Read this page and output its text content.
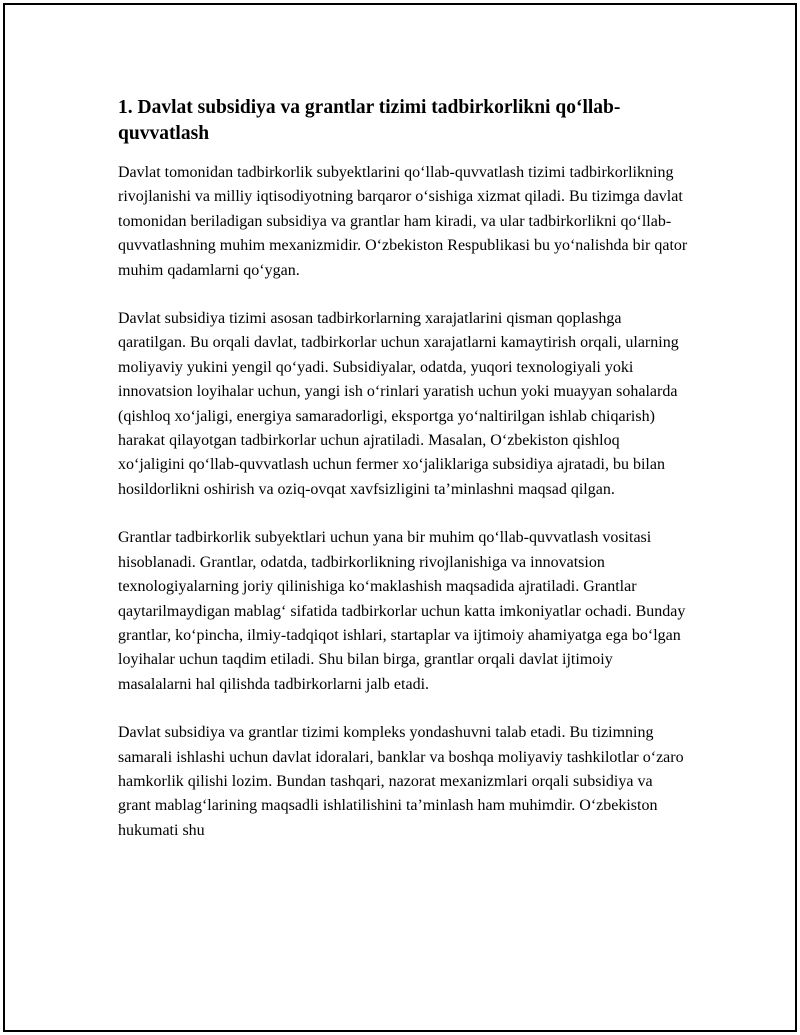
1. Davlat subsidiya va grantlar tizimi tadbirkorlikni qo‘llab-quvvatlash

Davlat tomonidan tadbirkorlik subyektlarini qo‘llab-quvvatlash tizimi tadbirkorlikning rivojlanishi va milliy iqtisodiyotning barqaror o‘sishiga xizmat qiladi. Bu tizimga davlat tomonidan beriladigan subsidiya va grantlar ham kiradi, va ular tadbirkorlikni qo‘llab-quvvatlashning muhim mexanizmidir. O‘zbekiston Respublikasi bu yo‘nalishda bir qator muhim qadamlarni qo‘ygan.

Davlat subsidiya tizimi asosan tadbirkorlarning xarajatlarini qisman qoplashga qaratilgan. Bu orqali davlat, tadbirkorlar uchun xarajatlarni kamaytirish orqali, ularning moliyaviy yukini yengil qo‘yadi. Subsidiyalar, odatda, yuqori texnologiyali yoki innovatsion loyihalar uchun, yangi ish o‘rinlari yaratish uchun yoki muayyan sohalarda (qishloq xo‘jaligi, energiya samaradorligi, eksportga yo‘naltirilgan ishlab chiqarish) harakat qilayotgan tadbirkorlar uchun ajratiladi. Masalan, O‘zbekiston qishloq xo‘jaligini qo‘llab-quvvatlash uchun fermer xo‘jaliklariga subsidiya ajratadi, bu bilan hosildorlikni oshirish va oziq-ovqat xavfsizligini ta’minlashni maqsad qilgan.

Grantlar tadbirkorlik subyektlari uchun yana bir muhim qo‘llab-quvvatlash vositasi hisoblanadi. Grantlar, odatda, tadbirkorlikning rivojlanishiga va innovatsion texnologiyalarning joriy qilinishiga ko‘maklashish maqsadida ajratiladi. Grantlar qaytarilmaydigan mablag‘ sifatida tadbirkorlar uchun katta imkoniyatlar ochadi. Bunday grantlar, ko‘pincha, ilmiy-tadqiqot ishlari, startaplar va ijtimoiy ahamiyatga ega bo‘lgan loyihalar uchun taqdim etiladi. Shu bilan birga, grantlar orqali davlat ijtimoiy masalalarni hal qilishda tadbirkorlarni jalb etadi.

Davlat subsidiya va grantlar tizimi kompleks yondashuvni talab etadi. Bu tizimning samarali ishlashi uchun davlat idoralari, banklar va boshqa moliyaviy tashkilotlar o‘zaro hamkorlik qilishi lozim. Bundan tashqari, nazorat mexanizmlari orqali subsidiya va grant mablag‘larining maqsadli ishlatilishini ta’minlash ham muhimdir. O‘zbekiston hukumati shu
